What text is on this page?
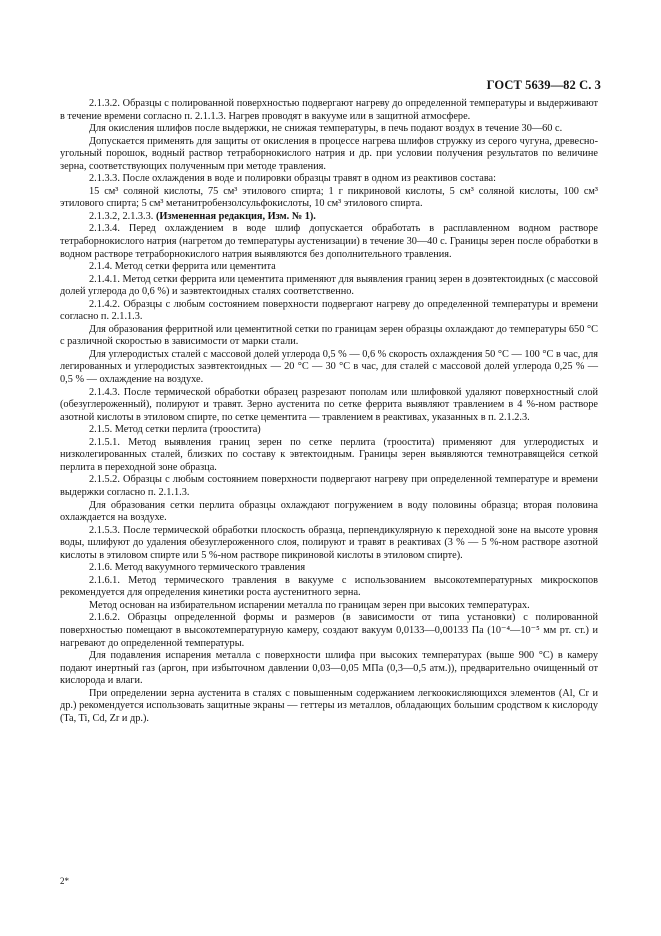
ГОСТ 5639—82 С. 3

2.1.3.2. Образцы с полированной поверхностью подвергают нагреву до определенной температуры и выдерживают в течение времени согласно п. 2.1.1.3. Нагрев проводят в вакууме или в защитной атмосфере.

Для окисления шлифов после выдержки, не снижая температуры, в печь подают воздух в течение 30—60 с.

Допускается применять для защиты от окисления в процессе нагрева шлифов стружку из серого чугуна, древесно-угольный порошок, водный раствор тетраборнокислого натрия и др. при условии получения результатов по величине зерна, соответствующих полученным при методе травления.

2.1.3.3. После охлаждения в воде и полировки образцы травят в одном из реактивов состава:

15 см³ соляной кислоты, 75 см³ этилового спирта; 1 г пикриновой кислоты, 5 см³ соляной кислоты, 100 см³ этилового спирта; 5 см³ метанитробензолсульфокислоты, 10 см³ этилового спирта.

2.1.3.2, 2.1.3.3. (Измененная редакция, Изм. № 1).

2.1.3.4. Перед охлаждением в воде шлиф допускается обработать в расплавленном водном растворе тетраборнокислого натрия (нагретом до температуры аустенизации) в течение 30—40 с. Границы зерен после обработки в водном растворе тетраборнокислого натрия выявляются без дополнительного травления.

2.1.4. Метод сетки феррита или цементита

2.1.4.1. Метод сетки феррита или цементита применяют для выявления границ зерен в доэвтектоидных (с массовой долей углерода до 0,6 %) и заэвтектоидных сталях соответственно.

2.1.4.2. Образцы с любым состоянием поверхности подвергают нагреву до определенной температуры и времени согласно п. 2.1.1.3.

Для образования ферритной или цементитной сетки по границам зерен образцы охлаждают до температуры 650 °С с различной скоростью в зависимости от марки стали.

Для углеродистых сталей с массовой долей углерода 0,5 % — 0,6 % скорость охлаждения 50 °С — 100 °С в час, для легированных и углеродистых заэвтектоидных — 20 °С — 30 °С в час, для сталей с массовой долей углерода 0,25 % — 0,5 % — охлаждение на воздухе.

2.1.4.3. После термической обработки образец разрезают пополам или шлифовкой удаляют поверхностный слой (обезуглероженный), полируют и травят. Зерно аустенита по сетке феррита выявляют травлением в 4 %-ном растворе азотной кислоты в этиловом спирте, по сетке цементита — травлением в реактивах, указанных в п. 2.1.2.3.

2.1.5. Метод сетки перлита (троостита)

2.1.5.1. Метод выявления границ зерен по сетке перлита (троостита) применяют для углеродистых и низколегированных сталей, близких по составу к эвтектоидным. Границы зерен выявляются темнотравящейся сеткой перлита в переходной зоне образца.

2.1.5.2. Образцы с любым состоянием поверхности подвергают нагреву при определенной температуре и времени выдержки согласно п. 2.1.1.3.

Для образования сетки перлита образцы охлаждают погружением в воду половины образца; вторая половина охлаждается на воздухе.

2.1.5.3. После термической обработки плоскость образца, перпендикулярную к переходной зоне на высоте уровня воды, шлифуют до удаления обезуглероженного слоя, полируют и травят в реактивах (3 % — 5 %-ном растворе азотной кислоты в этиловом спирте или 5 %-ном растворе пикриновой кислоты в этиловом спирте).

2.1.6. Метод вакуумного термического травления

2.1.6.1. Метод термического травления в вакууме с использованием высокотемпературных микроскопов рекомендуется для определения кинетики роста аустенитного зерна.

Метод основан на избирательном испарении металла по границам зерен при высоких температурах.

2.1.6.2. Образцы определенной формы и размеров (в зависимости от типа установки) с полированной поверхностью помещают в высокотемпературную камеру, создают вакуум 0,0133—0,00133 Па (10⁻⁴—10⁻⁵ мм рт. ст.) и нагревают до определенной температуры.

Для подавления испарения металла с поверхности шлифа при высоких температурах (выше 900 °С) в камеру подают инертный газ (аргон, при избыточном давлении 0,03—0,05 МПа (0,3—0,5 атм.)), предварительно очищенный от кислорода и влаги.

При определении зерна аустенита в сталях с повышенным содержанием легкоокисляющихся элементов (Al, Cr и др.) рекомендуется использовать защитные экраны — геттеры из металлов, обладающих большим сродством к кислороду (Ta, Ti, Cd, Zr и др.).

2*
